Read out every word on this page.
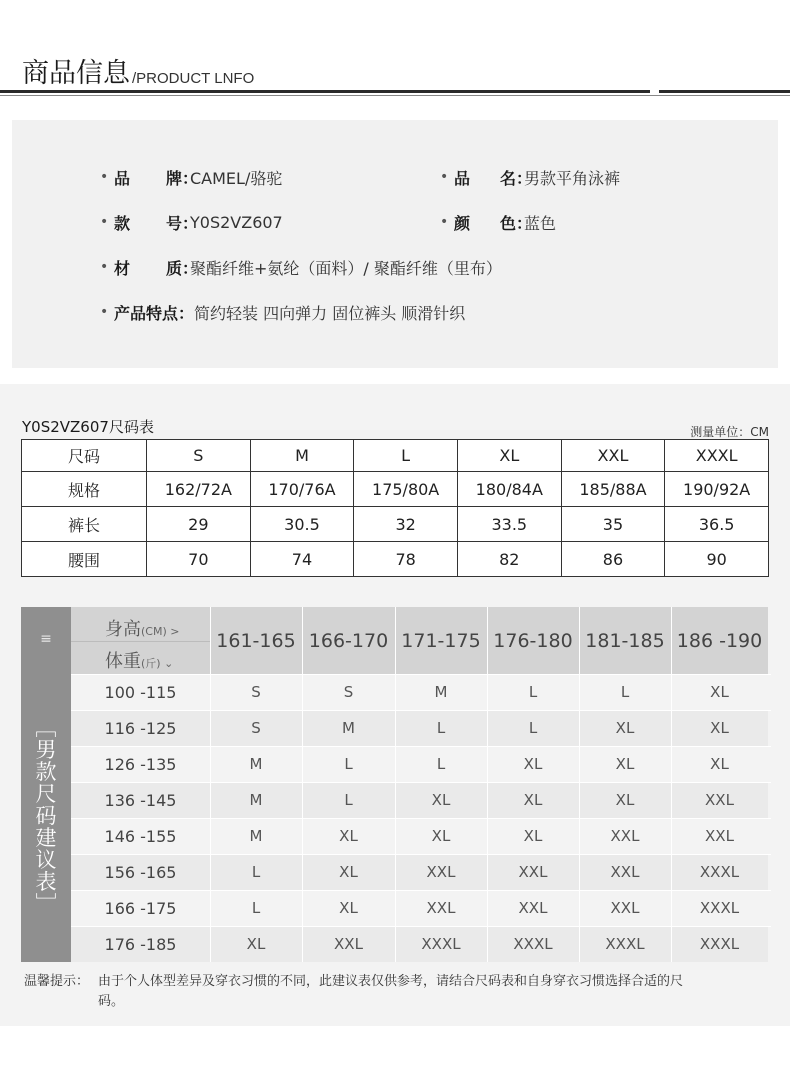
商品信息 /PRODUCT LNFO
• 品	牌：
CAMEL/骆驼	• 品	名：
男款平角泳裤
• 款	号：
Y0S2VZ607	• 颜	色：
蓝色
• 材	质：
聚酯纤维+氨纶（面料）/ 聚酯纤维（里布）
• 产品特点： 简约轻装 四向弹力 固位裤头 顺滑针织
Y0S2VZ607尺码表	测量单位：CM
尺码	S	M	L	XL	XXL	XXXL
规格	162/72A	170/76A	175/80A	180/84A	185/88A	190/92A
裤长	29	30.5	32	33.5	35	36.5
腰围	70	74	78	82	86	90
≡
﹇
男
款
尺
码
建
议
表
﹈
身高(CM) >
体重(斤) ⌄
161-165 166-170 171-175 176-180 181-185 186 -190
100 -115	S	S	M	L	L	XL
116 -125	S	M	L	L	XL	XL
126 -135	M	L	L	XL	XL	XL
136 -145	M	L	XL	XL	XL	XXL
146 -155	M	XL	XL	XL	XXL	XXL
156 -165	L	XL	XXL	XXL	XXL	XXXL
166 -175	L	XL	XXL	XXL	XXL	XXXL
176 -185	XL	XXL	XXXL	XXXL	XXXL	XXXL
温馨提示： 由于个人体型差异及穿衣习惯的不同，此建议表仅供参考，请结合尺码表和自身穿衣习惯选择合适的尺码。
